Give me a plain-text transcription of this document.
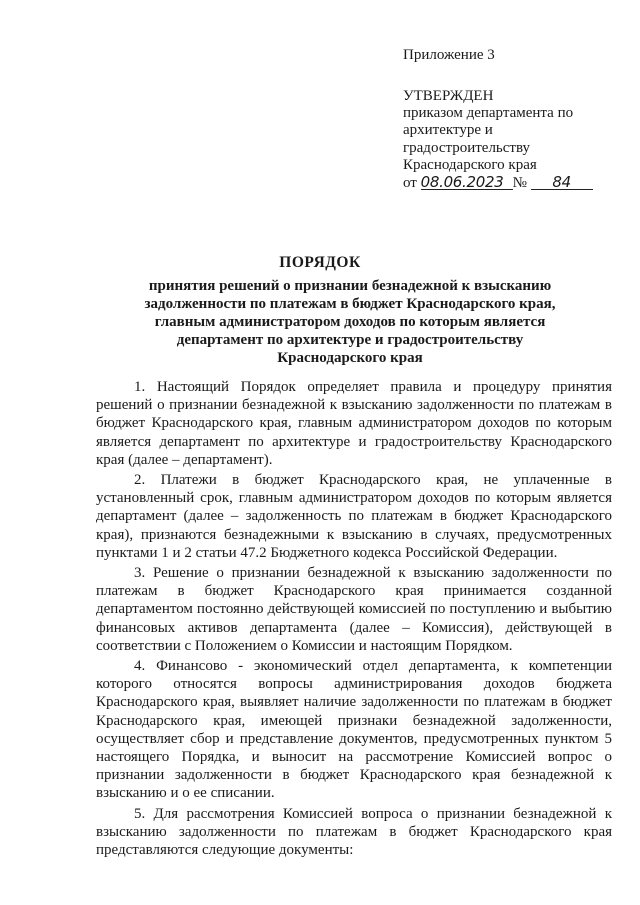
Приложение 3
УТВЕРЖДЕН
приказом департамента по
архитектуре и
градостроительству
Краснодарского края
от 08.06.2023 № 84
ПОРЯДОК
принятия решений о признании безнадежной к взысканию
задолженности по платежам в бюджет Краснодарского края,
главным администратором доходов по которым является
департамент по архитектуре и градостроительству
Краснодарского края

1. Настоящий Порядок определяет правила и процедуру принятия решений о признании безнадежной к взысканию задолженности по платежам в бюджет Краснодарского края, главным администратором доходов по которым является департамент по архитектуре и градостроительству Краснодарского края (далее – департамент).

2. Платежи в бюджет Краснодарского края, не уплаченные в установленный срок, главным администратором доходов по которым является департамент (далее – задолженность по платежам в бюджет Краснодарского края), признаются безнадежными к взысканию в случаях, предусмотренных пунктами 1 и 2 статьи 47.2 Бюджетного кодекса Российской Федерации.

3. Решение о признании безнадежной к взысканию задолженности по платежам в бюджет Краснодарского края принимается созданной департаментом постоянно действующей комиссией по поступлению и выбытию финансовых активов департамента (далее – Комиссия), действующей в соответствии с Положением о Комиссии и настоящим Порядком.

4. Финансово - экономический отдел департамента, к компетенции которого относятся вопросы администрирования доходов бюджета Краснодарского края, выявляет наличие задолженности по платежам в бюджет Краснодарского края, имеющей признаки безнадежной задолженности, осуществляет сбор и представление документов, предусмотренных пунктом 5 настоящего Порядка, и выносит на рассмотрение Комиссией вопрос о признании задолженности в бюджет Краснодарского края безнадежной к взысканию и о ее списании.

5. Для рассмотрения Комиссией вопроса о признании безнадежной к взысканию задолженности по платежам в бюджет Краснодарского края представляются следующие документы:
